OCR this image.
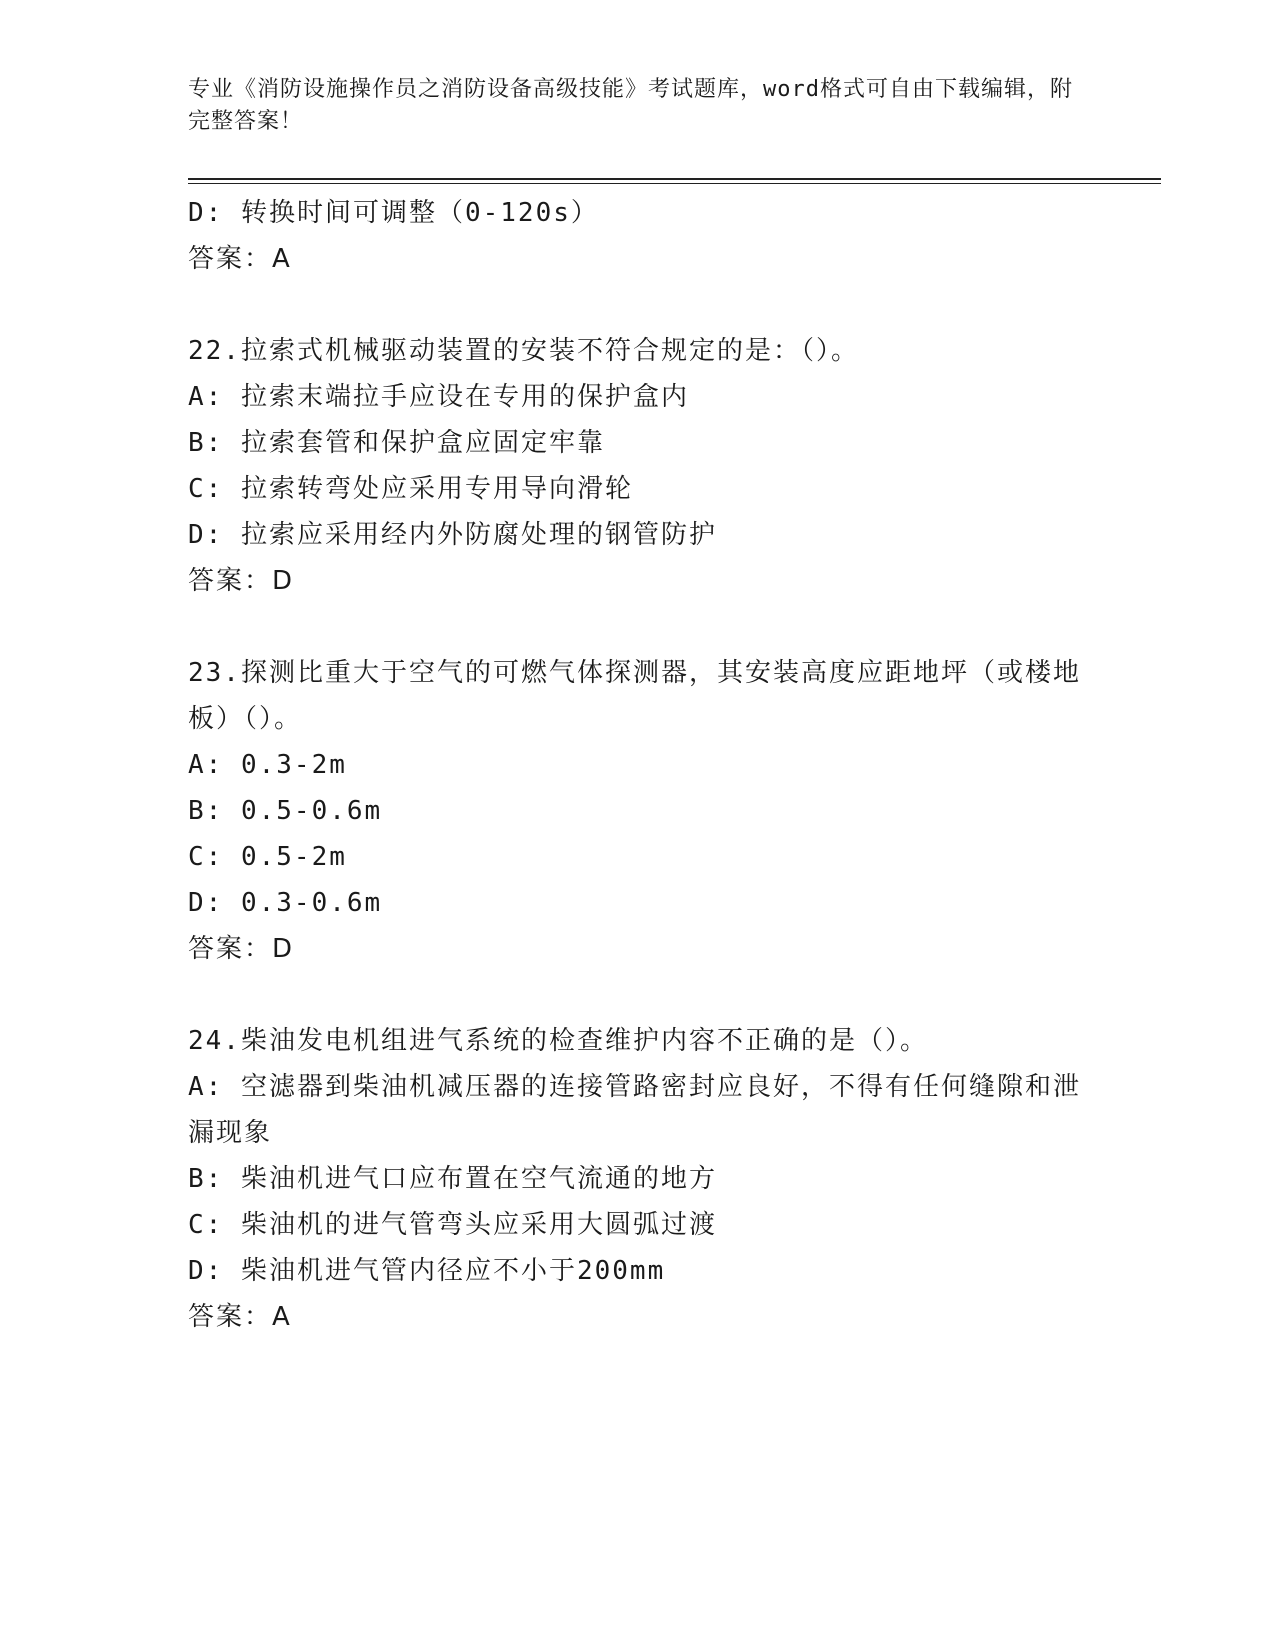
专业《消防设施操作员之消防设备高级技能》考试题库，word格式可自由下载编辑，附完整答案！

D: 转换时间可调整（0-120s）

答案：A

22.拉索式机械驱动装置的安装不符合规定的是：（）。

A: 拉索末端拉手应设在专用的保护盒内

B: 拉索套管和保护盒应固定牢靠

C: 拉索转弯处应采用专用导向滑轮

D: 拉索应采用经内外防腐处理的钢管防护

答案：D

23.探测比重大于空气的可燃气体探测器，其安装高度应距地坪（或楼地板）（）。

A: 0.3-2m

B: 0.5-0.6m

C: 0.5-2m

D: 0.3-0.6m

答案：D

24.柴油发电机组进气系统的检查维护内容不正确的是（）。

A: 空滤器到柴油机减压器的连接管路密封应良好，不得有任何缝隙和泄漏现象

B: 柴油机进气口应布置在空气流通的地方

C: 柴油机的进气管弯头应采用大圆弧过渡

D: 柴油机进气管内径应不小于200mm

答案：A
